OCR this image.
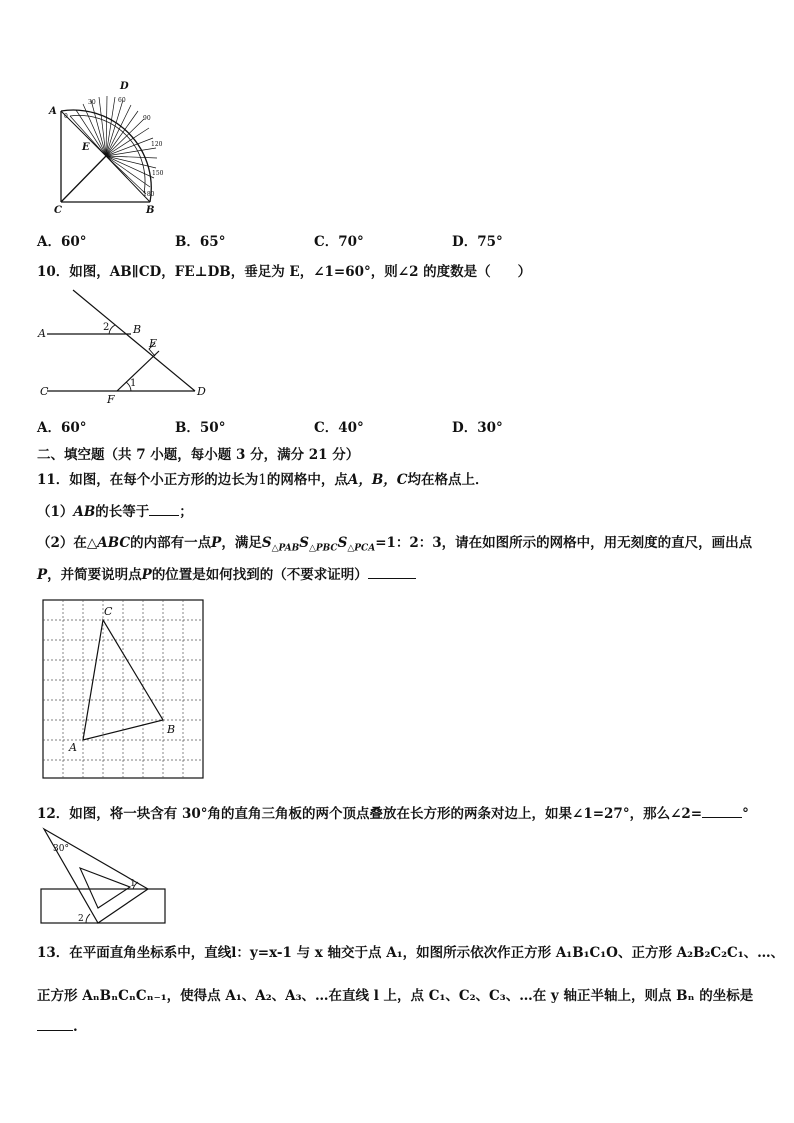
0
30	60
90
120
150
180
A
D
E
C	B
A．60°	B．65°	C．70°	D．75°
10．如图，AB∥CD，FE⊥DB，垂足为 E，∠1=60°，则∠2 的度数是（　　）
A	B
E
C
F
D
2
1
A．60°	B．50°	C．40°	D．30°
二、填空题（共 7 小题，每小题 3 分，满分 21 分）
11．如图，在每个小正方形的边长为1的网格中，点A，B，C均在格点上．
（1）AB的长等于 ；
（2）在△ABC的内部有一点P，满足$S_{\triangle PAB}S_{\triangle PBC}S_{\triangle PCA}=1$：2：3，请在如图所示的网格中，用无刻度的直尺，画出点
P，并简要说明点P的位置是如何找到的（不要求证明）
C
B
A
12．如图，将一块含有 30°角的直角三角板的两个顶点叠放在长方形的两条对边上，如果∠1=27°，那么∠2=	°
30°
1
2
13．在平面直角坐标系中，直线l：y=x-1 与 x 轴交于点 A₁，如图所示依次作正方形 A₁B₁C₁O、正方形 A₂B₂C₂C₁、…、
正方形 AₙBₙCₙCₙ₋₁，使得点 A₁、A₂、A₃、…在直线 l 上，点 C₁、C₂、C₃、…在 y 轴正半轴上，则点 Bₙ 的坐标是
.
